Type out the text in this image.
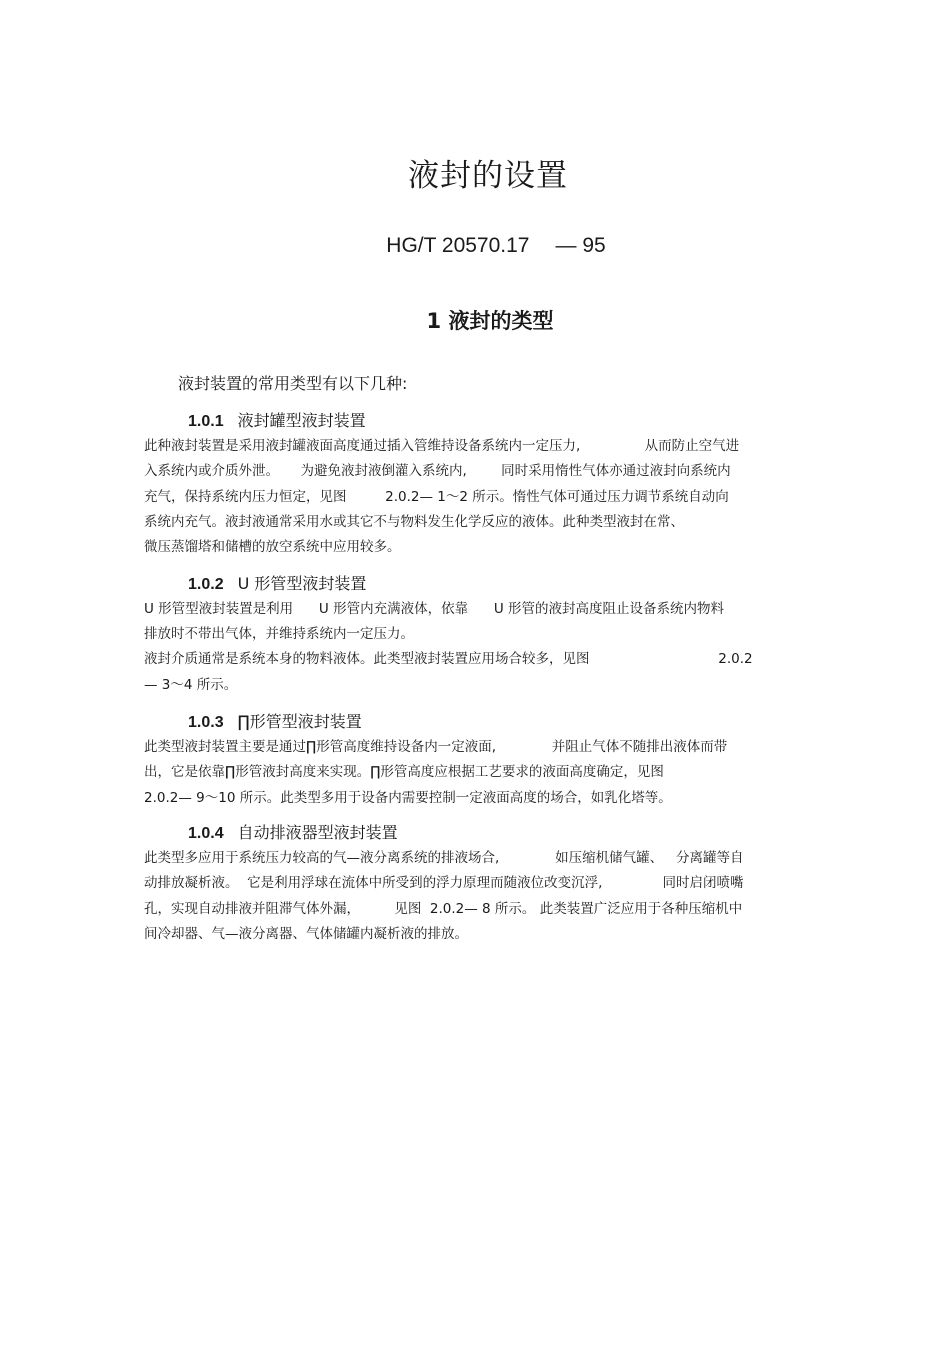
液封的设置
HG/T 20570.17 — 95
1 液封的类型

液封装置的常用类型有以下几种:

1.0.1 液封罐型液封装置

此种液封装置是采用液封罐液面高度通过插入管维持设备系统内一定压力,               从而防止空气进

入系统内或介质外泄。     为避免液封液倒灌入系统内,        同时采用惰性气体亦通过液封向系统内

充气，保持系统内压力恒定，见图         2.0.2— 1～2 所示。惰性气体可通过压力调节系统自动向

系统内充气。液封液通常采用水或其它不与物料发生化学反应的液体。此种类型液封在常、

微压蒸馏塔和储槽的放空系统中应用较多。

1.0.2 U 形管型液封装置

U 形管型液封装置是利用      U 形管内充满液体，依靠      U 形管的液封高度阻止设备系统内物料

排放时不带出气体，并维持系统内一定压力。

液封介质通常是系统本身的物料液体。此类型液封装置应用场合较多，见图                              2.0.2

— 3～4 所示。

1.0.3 ∏形管型液封装置

此类型液封装置主要是通过∏形管高度维持设备内一定液面,             并阻止气体不随排出液体而带

出，它是依靠∏形管液封高度来实现。∏形管高度应根据工艺要求的液面高度确定，见图

2.0.2— 9～10 所示。此类型多用于设备内需要控制一定液面高度的场合，如乳化塔等。

1.0.4 自动排液器型液封装置

此类型多应用于系统压力较高的气—液分离系统的排液场合,             如压缩机储气罐、   分离罐等自

动排放凝析液。  它是利用浮球在流体中所受到的浮力原理而随液位改变沉浮,              同时启闭喷嘴

孔，实现自动排液并阻滞气体外漏，        见图  2.0.2— 8 所示。 此类装置广泛应用于各种压缩机中

间冷却器、气—液分离器、气体储罐内凝析液的排放。
